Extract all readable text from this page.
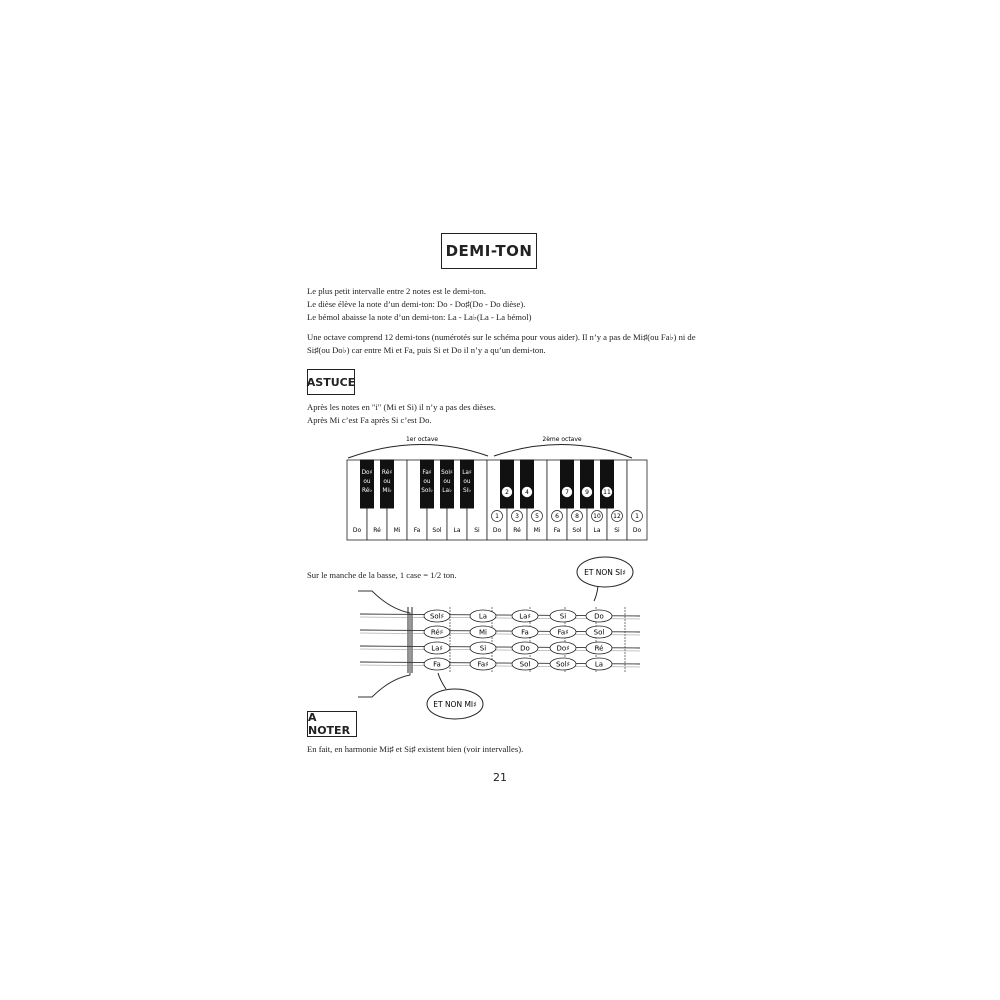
DEMI-TON
Le plus petit intervalle entre 2 notes est le demi-ton.
Le dièse élève la note d’un demi-ton: Do - Do♯(Do - Do dièse).
Le bémol abaisse la note d’un demi-ton: La - La♭(La - La bémol)
Une octave comprend 12 demi-tons (numérotés sur le schéma pour vous aider). Il n’y a pas de Mi♯(ou Fa♭) ni de
Si♯(ou Do♭) car entre Mi et Fa, puis Si et Do il n’y a qu’un demi-ton.
ASTUCE
Après les notes en "i" (Mi et Si) il n’y a pas des dièses.
Après Mi c’est Fa après Si c’est Do.
1er octave	2ème octave
Do Ré Mi Fa Sol La Si Do Ré Mi Fa Sol La Si Do
1	3	5	6	8 10 12 1
Do♯
ou
Ré♭
Ré♯
ou
Mi♭
Fa♯
ou
Sol♭
Sol♯
ou
La♭
La♯
ou
Si♭	2	4	7	9 11
Sur le manche de la basse, 1 case = 1/2 ton.
Sol♯	La	La♯	Si	Do
Ré♯	Mi	Fa	Fa♯	Sol
La♯	Si	Do	Do♯	Ré
Fa	Fa♯	Sol	Sol♯	La
ET NON SI♯
ET NON MI♯
A NOTER
En fait, en harmonie Mi♯ et Si♯ existent bien (voir intervalles).
21
